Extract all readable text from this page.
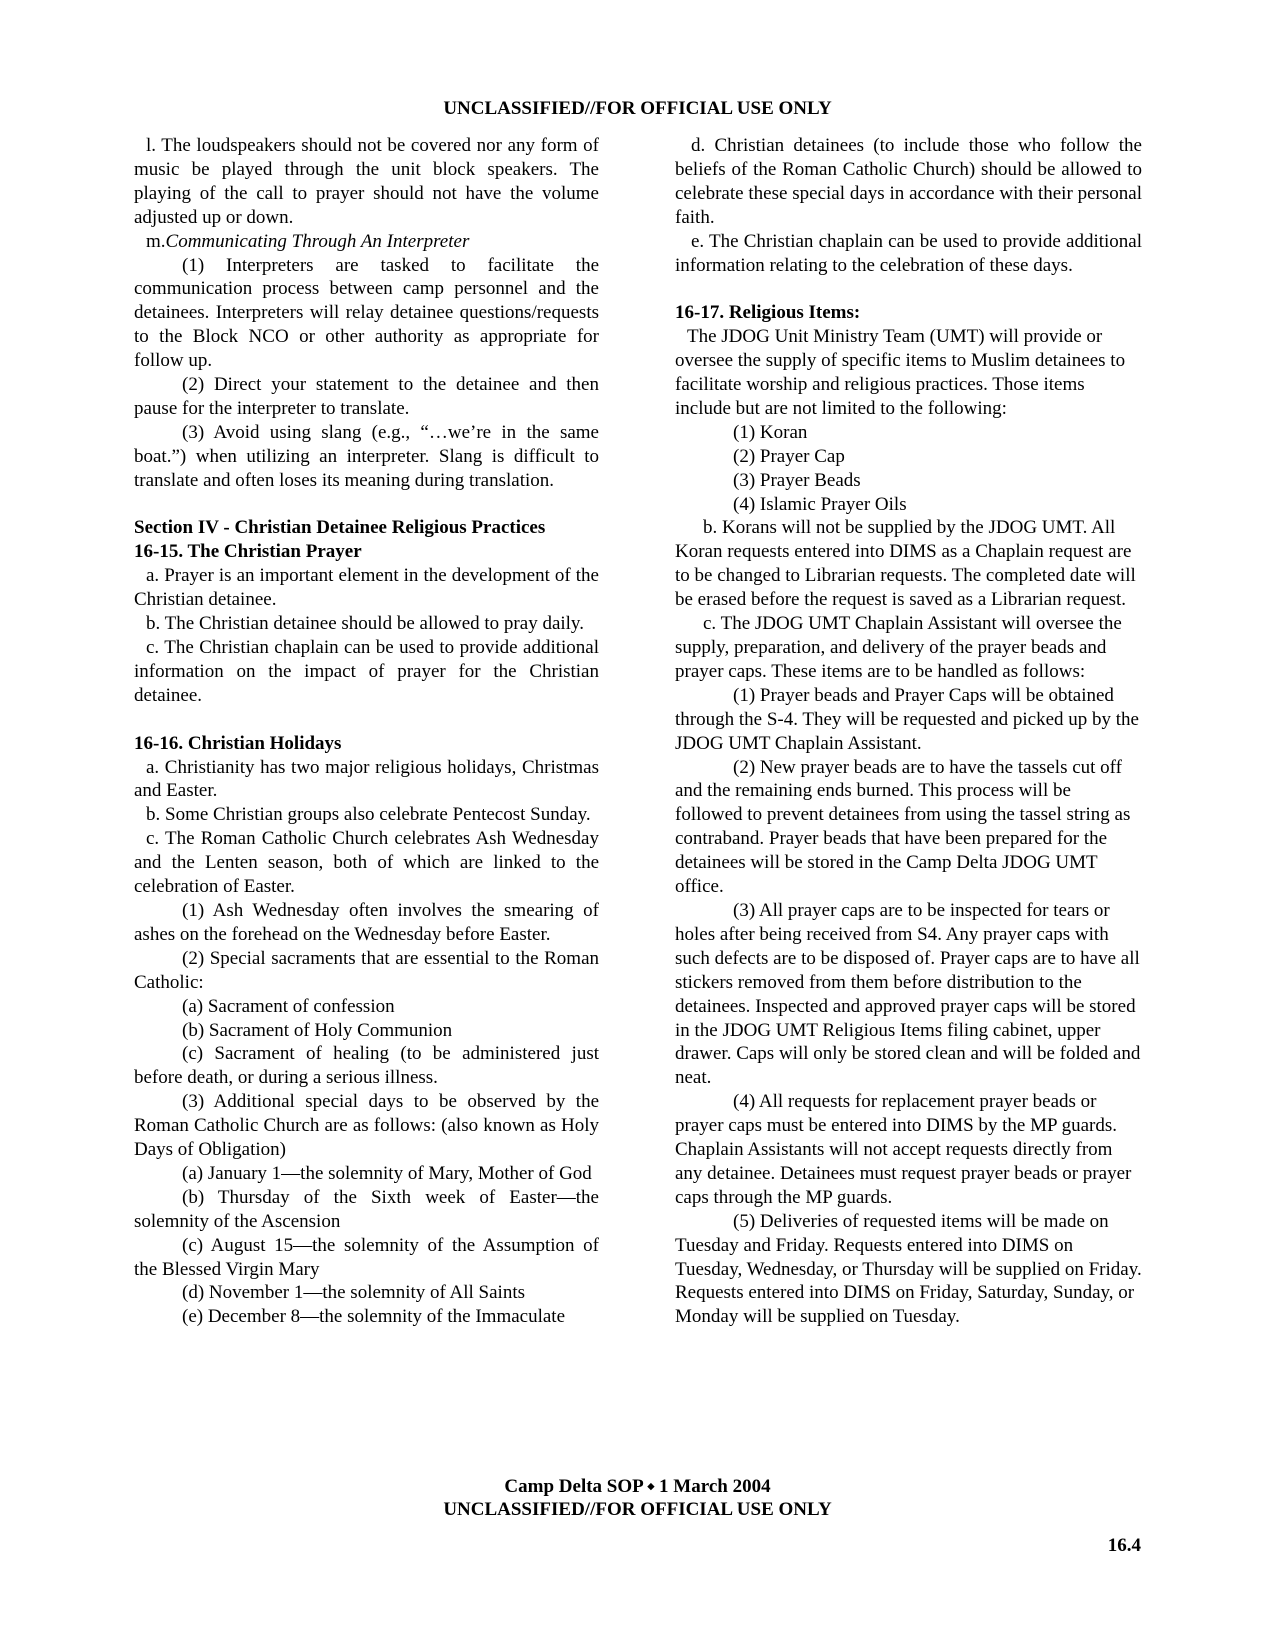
UNCLASSIFIED//FOR OFFICIAL USE ONLY

l. The loudspeakers should not be covered nor any form of music be played through the unit block speakers. The playing of the call to prayer should not have the volume adjusted up or down.

m.Communicating Through An Interpreter

(1) Interpreters are tasked to facilitate the communication process between camp personnel and the detainees. Interpreters will relay detainee questions/requests to the Block NCO or other authority as appropriate for follow up.

(2) Direct your statement to the detainee and then pause for the interpreter to translate.

(3) Avoid using slang (e.g., “…we’re in the same boat.”) when utilizing an interpreter. Slang is difficult to translate and often loses its meaning during translation.

Section IV - Christian Detainee Religious Practices

16-15. The Christian Prayer

a. Prayer is an important element in the development of the Christian detainee.

b. The Christian detainee should be allowed to pray daily.

c. The Christian chaplain can be used to provide additional information on the impact of prayer for the Christian detainee.

16-16. Christian Holidays

a. Christianity has two major religious holidays, Christmas and Easter.

b. Some Christian groups also celebrate Pentecost Sunday.

c. The Roman Catholic Church celebrates Ash Wednesday and the Lenten season, both of which are linked to the celebration of Easter.

(1) Ash Wednesday often involves the smearing of ashes on the forehead on the Wednesday before Easter.

(2) Special sacraments that are essential to the Roman Catholic:

(a) Sacrament of confession

(b) Sacrament of Holy Communion

(c) Sacrament of healing (to be administered just before death, or during a serious illness.

(3) Additional special days to be observed by the Roman Catholic Church are as follows: (also known as Holy Days of Obligation)

(a) January 1—the solemnity of Mary, Mother of God

(b) Thursday of the Sixth week of Easter—the solemnity of the Ascension

(c) August 15—the solemnity of the Assumption of the Blessed Virgin Mary

(d) November 1—the solemnity of All Saints

(e) December 8—the solemnity of the Immaculate

d. Christian detainees (to include those who follow the beliefs of the Roman Catholic Church) should be allowed to celebrate these special days in accordance with their personal faith.

e. The Christian chaplain can be used to provide additional information relating to the celebration of these days.

16-17. Religious Items:

The JDOG Unit Ministry Team (UMT) will provide or oversee the supply of specific items to Muslim detainees to facilitate worship and religious practices. Those items include but are not limited to the following:

(1) Koran

(2) Prayer Cap

(3) Prayer Beads

(4) Islamic Prayer Oils

b. Korans will not be supplied by the JDOG UMT. All Koran requests entered into DIMS as a Chaplain request are to be changed to Librarian requests. The completed date will be erased before the request is saved as a Librarian request.

c. The JDOG UMT Chaplain Assistant will oversee the supply, preparation, and delivery of the prayer beads and prayer caps. These items are to be handled as follows:

(1) Prayer beads and Prayer Caps will be obtained through the S-4. They will be requested and picked up by the JDOG UMT Chaplain Assistant.

(2) New prayer beads are to have the tassels cut off and the remaining ends burned. This process will be followed to prevent detainees from using the tassel string as contraband. Prayer beads that have been prepared for the detainees will be stored in the Camp Delta JDOG UMT office.

(3) All prayer caps are to be inspected for tears or holes after being received from S4. Any prayer caps with such defects are to be disposed of. Prayer caps are to have all stickers removed from them before distribution to the detainees. Inspected and approved prayer caps will be stored in the JDOG UMT Religious Items filing cabinet, upper drawer. Caps will only be stored clean and will be folded and neat.

(4) All requests for replacement prayer beads or prayer caps must be entered into DIMS by the MP guards. Chaplain Assistants will not accept requests directly from any detainee. Detainees must request prayer beads or prayer caps through the MP guards.

(5) Deliveries of requested items will be made on Tuesday and Friday. Requests entered into DIMS on Tuesday, Wednesday, or Thursday will be supplied on Friday. Requests entered into DIMS on Friday, Saturday, Sunday, or Monday will be supplied on Tuesday.

Camp Delta SOP ⬩ 1 March 2004
UNCLASSIFIED//FOR OFFICIAL USE ONLY
16.4
